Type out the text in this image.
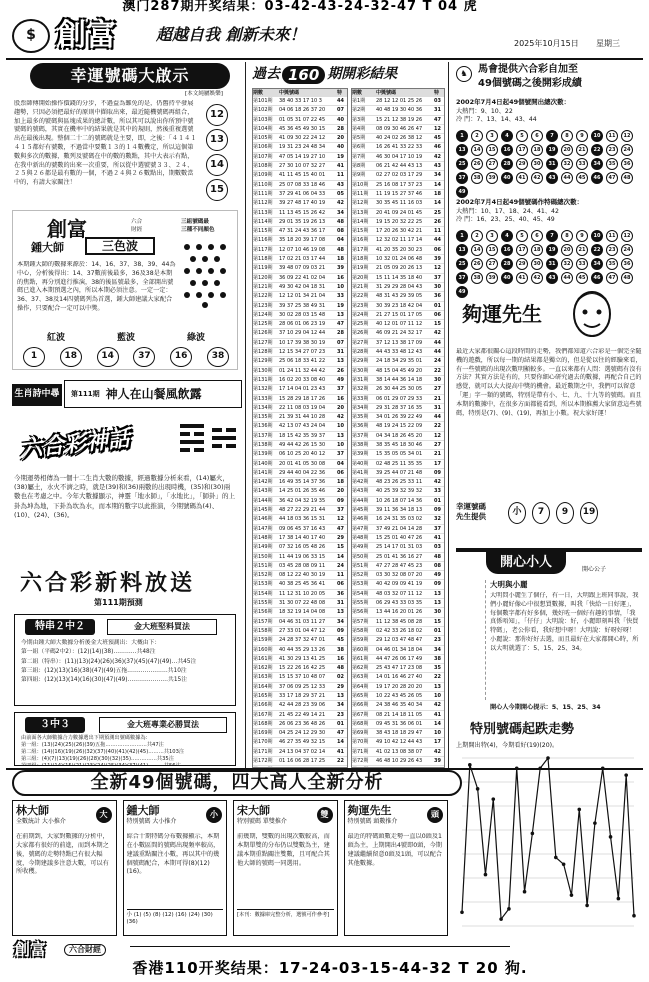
澳门287期开奖结果：03-42-43-24-32-47 T 04 虎
$ 創富	超越自我 創新未來！	2025年10月15日 星期三
幸運號碼大啟示
[本文純屬娛樂]
股票師傅開始操作價錢的分步，不過益為難免的是，仍舊持平發展趨勢，只因必須把最好的原則中擷取出來，最近隨機號碼再組合，加上最多的號碼與區塊成果的總計數，所以其可以說出你所預中號號碼的號碼，其實在機率中的結果就是其中的規則，然後重複選號出在最後出現。整個二十二的號碼就是主要，即，之後：「４１４１４１５都好有號數，不過當中要數１３的１４數機定，所以這個第數與多次的數據，數列及號碼在中的數的數點，其中大表示有點，在我中新出的號數的出來一次重要，所以從中選號號３３、２４、２５與２６都是最有數的一個，不過２４與２６數點出，期數數當中的，有請大家關注！
12 13 14 15
創富	六合
財經
鍾大師	三色波
三組號碼最
三種不同顏色
本期鍾大師的數據來源於：14、16、37、38、39、44為中心，分析後得出：14、37數前後最多，36及38是本期的焦點，再分別進行推演，38的後區號最多，全部開出號碼已進入本期預選之內，所以本期必須注意。一定一定：36、37、38及14四號碼列為首選，鍾大師建議大家配合操作，只要配合一定可以中獎。
紅波	藍波	綠波
1	18	14	37	16	38
生肖詩中尋	第111期 神人在山餐風飲露
六合彩神話
今期運勢相傳為一個十二生肖大數的數據，經過數據分析來看，(14)屬火，(38)屬土，水火不濟之時，就是(39)和(36)兩數的出現時機，(35)和(30)兩數也在考慮之中。今年大數據顯示，神靈「地水師」，「水地比」，「師卦」的上卦為坤為地，下卦為坎為水，而本期的數字以此推演，今期號碼為(4)、(10)、(24)、(36)。
六合彩新料放送
第111期預測
特串２中２	金大班堅料買法
今期由鍾大師大數據分析後金大班預測出：大概由下：
第一組（平碼2中2）：(12)(14)(38)…………共48注
第二組（特串）：(11)(13)(24)(26)(36)(37)(45)(47)(49)…共45注
第三組：(12)(13)(16)(38)(47)(49)五拖…………………共10注
第四組：(12)(13)(14)(16)(30)(47)(49)…………………共15注
３中３	金大班專業必勝買法
由前面各大師數據合力數據選出下期預測出號碼數據為：
第一組：(13)(24)(25)(26)(39)五拖……………………共47注
第二組：(14)(16)(19)(26)(32)(37)(40)(41)(42)(45)………共103注
第三組：(4)(7)(13)(19)(26)(28)(30)(32)(35)……………共35注
過去 160 期開彩結果
期數	中獎號碼	特
第101期	38 40 33 17 10 3	44
第102期	04 06 18 26 37 20	07
第103期	01 05 31 07 22 45	40
第104期	45 36 45 49 30 15	28
第105期	41 09 30 22 24 12	20
第106期	19 31 23 24 48 34	40
第107期	47 05 14 19 27 10	19
第108期	27 30 10 07 32 27	41
第109期	41 11 45 15 40 01	11
第110期	25 07 08 33 18 46	43
第111期	37 29 41 06 04 33	05
第112期	39 27 48 17 40 19	42
第113期	11 13 45 15 26 42	34
第114期	29 01 35 19 26 13	48
第115期	47 31 24 43 36 17	08
第116期	35 18 20 39 17 08	04
第117期	12 07 10 46 19 08	48
第118期	17 02 21 03 17 44	18
第119期	39 48 07 09 03 21	39
第120期	36 09 22 41 02 04	16
第121期	49 30 42 04 18 31	10
第122期	12 12 01 34 21 04	33
第123期	39 37 25 38 49 31	19
第124期	30 02 28 03 15 48	13
第125期	28 06 01 06 23 19	47
第126期	37 10 29 04 12 44	28
第127期	10 17 39 38 30 19	07
第128期	12 15 34 27 07 23	31
第129期	25 06 18 33 41 22	13
第130期	01 24 11 32 44 42	26
第131期	16 02 20 33 08 40	49
第132期	17 14 04 01 23 43	37
第133期	15 28 29 18 17 26	16
第134期	22 11 08 03 19 04	20
第135期	21 39 31 44 10 28	42
第136期	42 13 07 43 24 04	10
第137期	18 15 42 35 39 37	13
第138期	49 44 42 26 15 30	10
第139期	06 10 25 20 40 12	37
第140期	20 01 41 05 30 08	04
第141期	29 44 40 04 22 36	06
第142期	16 49 35 14 37 36	18
第143期	14 25 01 26 35 46	20
第144期	36 42 04 32 19 35	09
第145期	48 27 22 29 21 44	37
第146期	44 18 03 36 15 31	12
第147期	09 06 45 37 16 43	47
第148期	17 38 14 40 17 40	29
第149期	07 32 16 05 48 26	15
第150期	11 44 19 06 33 15	14
第151期	03 45 28 08 09 11	24
第152期	08 12 22 40 30 19	11
第153期	40 38 25 45 36 41	06
第154期	11 12 31 10 20 05	36
第155期	31 30 07 22 48 08	31
第156期	18 32 19 14 04 08	13
第157期	04 46 31 03 11 27	34
第158期	27 33 01 04 47 12	09
第159期	24 28 37 32 47 01	45
第160期	40 44 35 29 13 26	38
第161期	41 30 29 13 41 25	16
第162期	15 22 26 16 42 25	48
第163期	15 15 37 10 48 07	02
第164期	37 06 09 25 12 33	29
第165期	33 17 18 29 37 21	13
第166期	42 44 28 23 39 06	34
第167期	21 45 22 49 14 21	23
第168期	26 06 23 36 48 26	01
第169期	04 25 24 12 29 30	47
第170期	46 27 35 49 32 15	14
第171期	24 13 04 37 02 14	41
第172期	01 16 06 28 17 25	22
期數	中獎號碼	特
第1期	28 12 12 01 25 26	03
第2期	40 48 19 30 40 36	31
第3期	15 21 12 38 19 26	47
第4期	08 09 30 46 26 47	12
第5期	40 24 02 26 38 12	45
第6期	16 26 41 33 22 33	46
第7期	46 30 04 17 10 19	42
第8期	06 21 42 44 43 13	43
第9期	02 27 02 03 17 29	34
第10期	25 16 08 17 37 23	14
第11期	11 19 15 27 37 46	18
第12期	30 35 45 11 16 03	14
第13期	20 41 09 24 01 45	25
第14期	19 15 20 32 22 25	26
第15期	17 20 26 30 42 21	11
第16期	12 32 02 11 17 14	44
第17期	41 20 35 20 30 23	06
第18期	10 32 01 24 06 48	39
第19期	21 05 09 20 26 13	12
第20期	15 11 14 35 18 40	37
第21期	31 29 29 28 04 43	30
第22期	48 31 43 29 39 05	36
第23期	30 39 23 18 42 04	01
第24期	21 27 15 01 17 05	06
第25期	40 12 01 07 11 12	15
第26期	46 09 21 24 32 17	42
第27期	37 12 13 38 17 09	44
第28期	44 43 33 48 12 43	44
第29期	24 18 34 29 35 01	24
第30期	48 15 04 45 49 20	22
第31期	38 14 44 36 14 18	30
第32期	26 30 44 25 30 05	27
第33期	06 01 29 07 29 33	21
第34期	29 31 28 37 16 35	31
第35期	34 01 26 39 22 49	44
第36期	48 19 24 15 22 09	22
第37期	04 34 18 26 45 20	12
第38期	38 35 45 18 30 46	27
第39期	15 35 05 05 34 01	21
第40期	02 48 25 11 35 35	17
第41期	39 25 44 07 21 48	09
第42期	48 23 26 25 33 11	42
第43期	40 25 39 32 39 32	33
第44期	10 26 18 07 14 36	01
第45期	39 11 36 34 18 13	09
第46期	16 24 31 35 03 02	32
第47期	37 49 21 04 14 28	37
第48期	15 25 01 40 47 26	41
第49期	25 14 17 01 31 03	03
第50期	25 01 41 36 16 27	48
第51期	47 27 28 47 45 23	08
第52期	03 30 32 08 07 20	49
第53期	40 42 09 09 41 19	09
第54期	48 03 32 07 11 12	13
第55期	06 29 43 33 03 35	13
第56期	13 44 16 20 01 26	30
第57期	11 12 38 45 08 28	15
第58期	02 42 33 26 18 02	01
第59期	29 12 03 47 48 47	23
第60期	04 46 01 34 18 04	34
第61期	44 47 26 06 17 49	38
第62期	25 43 47 17 23 08	35
第63期	14 01 16 46 27 40	22
第64期	19 17 20 28 20 20	13
第65期	10 22 43 45 26 05	10
第66期	24 38 46 35 40 34	42
第67期	08 21 14 18 11 05	41
第68期	09 45 31 36 06 01	14
第69期	38 43 18 18 29 47	10
第70期	49 10 42 12 44 43	17
第71期	41 02 13 08 38 07	42
第72期	46 48 10 29 26 43	39
♞	馬會提供六合彩自加至
49個號碼之後開彩成績
2002年7月4日起49個號開出總次數：
大熱門：9、10、22
冷 門：7、13、14、43、44
1	2	3	4	5	6	7	8	9	10	11	12
13	14	15	16	17	18	19	20	21	22	23	24
25	26	27	28	29	30	31	32	33	34	35	36
37	38	39	40	41	42	43	44	45	46	47	48
49
2002年7月4日起49個號碼作特碼總次數：
大熱門：10、17、18、24、41、42
冷 門：16、23、25、40、45、49
1	2	3	4	5	6	7	8	9	10	11	12
13	14	15	16	17	18	19	20	21	22	23	24
25	26	27	28	29	30	31	32	33	34	35	36
37	38	39	40	41	42	43	44	45	46	47	48
49
夠運先生
最近大家都很關心這段時間的走勢，我們都知道六合彩是一個完全隨機的遊戲，所以每一期的結果都是獨立的，但是從以往的經驗來看，有一些號碼的出現次數明顯較多。一直以來都有人問：選號碼有沒有方法？其實方法是有的，只要你細心研究過去的數據，再配合自己的感覺，就可以大大提高中獎的機會。最近數期之中，我們可以留意「運」字一類的號碼，特別是帶有小、七、九、十九等的號碼。而且本期的數據中，在很多方面都能看到，所以本期推薦大家留意這些號碼，特別是(7)、(9)、(19)，再加上小數。祝大家好運！
幸運號碼
先生提供	小	7	9	19
開心小人	開心公子
大明與小麗
大明問小麗生了個仔，有一日，大明跟上班同事說，我們小麗好像心中很想買數據，叫我「快給一日好運」，每個數字都有好多個，幾好咗一個好有趣的事情，「我真係唔知」，「仔仔」大明說：好，小麗即刻叫我「快買特碼」，老公你看，我好想中呀！大明說：好呀好呀！小麗說：那你好好去選，而且最好在大家都開心時，所以大明就選了：5、15、25、34。
開心人今期開心提示：5、15、25、34
特別號碼起跌走勢
上期開出特(4)，今期看好(19)(20)。
全新49個號碼，四大高人全新分析
林大師
全數統計 大小推介
大
在前期到，大家對數據的分析中，大家都有很好的前進，而到本期之後，號碼的走勢特點已有很大幅度，今期建議多注意大數，可以有所收穫。
鍾大師
特別號碼 大小推介
小
綜合十期特碼分布數據顯示，本期在小數區間的號碼出現頻率較高，建議重點關注小數，再以其中的幾個號碼配合，本期可得(8)(12)(16)。
小 (1) (5) (8) (12) (16) (24) (30) (36)
宋大師
特別號碼 單雙推介
雙
前幾期，雙數的出現次數較高，而本期單雙的分布仍以雙數為主，建議本期重點關注雙數，且可配合其他大師的號碼一同選用。
[本刊：數據庫完整分析，選號可作參考]
夠運先生
特別號碼 頭數推介
頭
最近的特碼頭數走勢一直以0頭及1頭為主，上期開出4號即0頭，今期建議繼續留意0頭及1頭，可以配合其他數據。
創富	六合財經
香港110开奖结果：17-24-03-15-44-32 T 20 狗.
